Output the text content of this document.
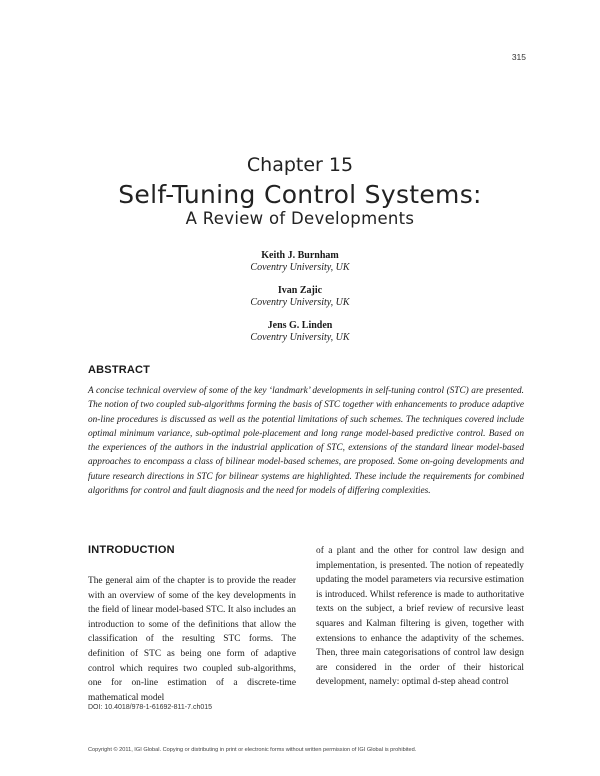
315
Chapter 15
Self-Tuning Control Systems:
A Review of Developments
Keith J. Burnham
Coventry University, UK
Ivan Zajic
Coventry University, UK
Jens G. Linden
Coventry University, UK
ABSTRACT
A concise technical overview of some of the key ‘landmark’ developments in self-tuning control (STC) are presented. The notion of two coupled sub-algorithms forming the basis of STC together with enhancements to produce adaptive on-line procedures is discussed as well as the potential limitations of such schemes. The techniques covered include optimal minimum variance, sub-optimal pole-placement and long range model-based predictive control. Based on the experiences of the authors in the industrial application of STC, extensions of the standard linear model-based approaches to encompass a class of bilinear model-based schemes, are proposed. Some on-going developments and future research directions in STC for bilinear systems are highlighted. These include the requirements for combined algorithms for control and fault diagnosis and the need for models of differing complexities.
INTRODUCTION
The general aim of the chapter is to provide the reader with an overview of some of the key developments in the field of linear model-based STC. It also includes an introduction to some of the definitions that allow the classification of the resulting STC forms. The definition of STC as being one form of adaptive control which requires two coupled sub-algorithms, one for on-line estimation of a discrete-time mathematical model
of a plant and the other for control law design and implementation, is presented. The notion of repeatedly updating the model parameters via recursive estimation is introduced. Whilst reference is made to authoritative texts on the subject, a brief review of recursive least squares and Kalman filtering is given, together with extensions to enhance the adaptivity of the schemes. Then, three main categorisations of control law design are considered in the order of their historical development, namely: optimal d-step ahead control
DOI: 10.4018/978-1-61692-811-7.ch015
Copyright © 2011, IGI Global. Copying or distributing in print or electronic forms without written permission of IGI Global is prohibited.
